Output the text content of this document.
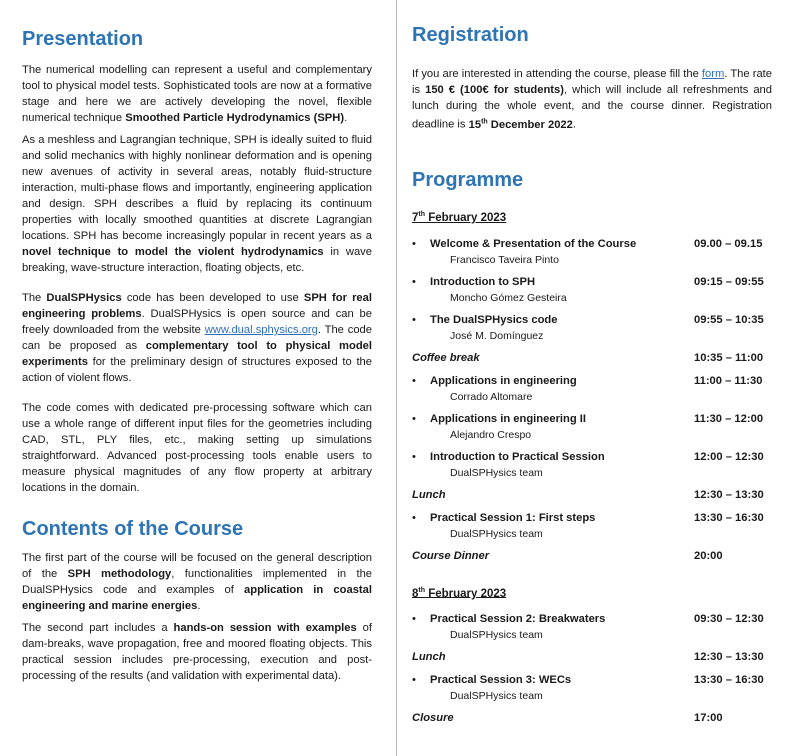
Presentation

The numerical modelling can represent a useful and complementary tool to physical model tests. Sophisticated tools are now at a formative stage and here we are actively developing the novel, flexible numerical technique Smoothed Particle Hydrodynamics (SPH).

As a meshless and Lagrangian technique, SPH is ideally suited to fluid and solid mechanics with highly nonlinear deformation and is opening new avenues of activity in several areas, notably fluid-structure interaction, multi-phase flows and importantly, engineering application and design. SPH describes a fluid by replacing its continuum properties with locally smoothed quantities at discrete Lagrangian locations. SPH has become increasingly popular in recent years as a novel technique to model the violent hydrodynamics in wave breaking, wave-structure interaction, floating objects, etc.

The DualSPHysics code has been developed to use SPH for real engineering problems. DualSPHysics is open source and can be freely downloaded from the website www.dual.sphysics.org. The code can be proposed as complementary tool to physical model experiments for the preliminary design of structures exposed to the action of violent flows.

The code comes with dedicated pre-processing software which can use a whole range of different input files for the geometries including CAD, STL, PLY files, etc., making setting up simulations straightforward. Advanced post-processing tools enable users to measure physical magnitudes of any flow property at arbitrary locations in the domain.

Contents of the Course

The first part of the course will be focused on the general description of the SPH methodology, functionalities implemented in the DualSPHysics code and examples of application in coastal engineering and marine energies.

The second part includes a hands-on session with examples of dam-breaks, wave propagation, free and moored floating objects. This practical session includes pre-processing, execution and post-processing of the results (and validation with experimental data).

Registration

If you are interested in attending the course, please fill the form. The rate is 150 € (100€ for students), which will include all refreshments and lunch during the whole event, and the course dinner. Registration deadline is 15th December 2022.

Programme
7th February 2023
•	Welcome & Presentation of the Course	09.00 – 09.15
Francisco Taveira Pinto
•	Introduction to SPH	09:15 – 09:55
Moncho Gómez Gesteira
•	The DualSPHysics code	09:55 – 10:35
José M. Domínguez
Coffee break	10:35 – 11:00
•	Applications in engineering	11:00 – 11:30
Corrado Altomare
•	Applications in engineering II	11:30 – 12:00
Alejandro Crespo
•	Introduction to Practical Session	12:00 – 12:30
DualSPHysics team
Lunch	12:30 – 13:30
•	Practical Session 1: First steps	13:30 – 16:30
DualSPHysics team
Course Dinner	20:00
8th February 2023
•	Practical Session 2: Breakwaters	09:30 – 12:30
DualSPHysics team
Lunch	12:30 – 13:30
•	Practical Session 3: WECs	13:30 – 16:30
DualSPHysics team
Closure	17:00
